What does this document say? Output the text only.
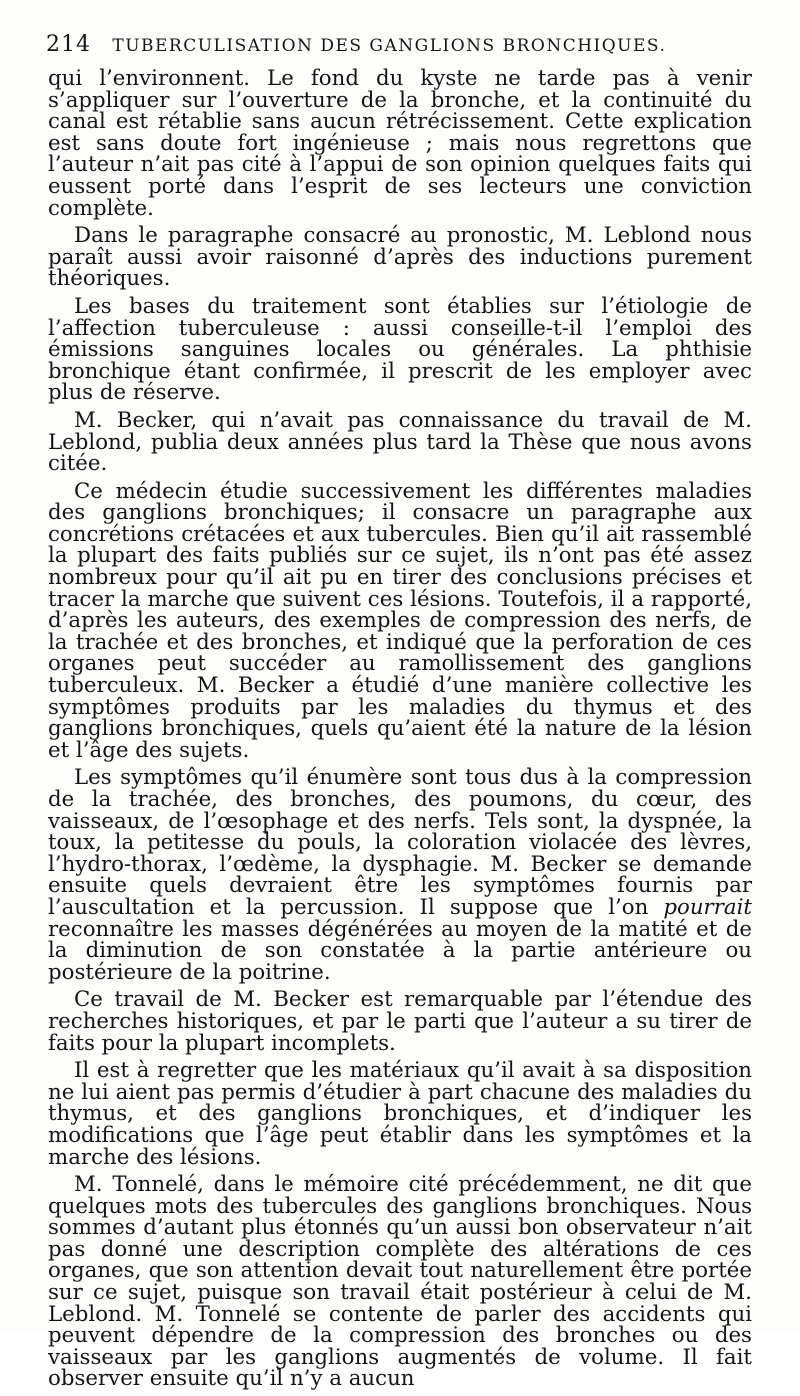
214 TUBERCULISATION DES GANGLIONS BRONCHIQUES.

qui l’environnent. Le fond du kyste ne tarde pas à venir s’appliquer sur l’ouverture de la bronche, et la continuité du canal est rétablie sans aucun rétrécissement. Cette explication est sans doute fort ingénieuse ; mais nous regrettons que l’auteur n’ait pas cité à l’appui de son opinion quelques faits qui eussent porté dans l’esprit de ses lecteurs une conviction complète.

Dans le paragraphe consacré au pronostic, M. Leblond nous paraît aussi avoir raisonné d’après des inductions purement théoriques.

Les bases du traitement sont établies sur l’étiologie de l’affection tuberculeuse : aussi conseille-t-il l’emploi des émissions sanguines locales ou générales. La phthisie bronchique étant confirmée, il prescrit de les employer avec plus de réserve.

M. Becker, qui n’avait pas connaissance du travail de M. Leblond, publia deux années plus tard la Thèse que nous avons citée.

Ce médecin étudie successivement les différentes maladies des ganglions bronchiques; il consacre un paragraphe aux concrétions crétacées et aux tubercules. Bien qu’il ait rassemblé la plupart des faits publiés sur ce sujet, ils n’ont pas été assez nombreux pour qu’il ait pu en tirer des conclusions précises et tracer la marche que suivent ces lésions. Toutefois, il a rapporté, d’après les auteurs, des exemples de compression des nerfs, de la trachée et des bronches, et indiqué que la perforation de ces organes peut succéder au ramollissement des ganglions tuberculeux. M. Becker a étudié d’une manière collective les symptômes produits par les maladies du thymus et des ganglions bronchiques, quels qu’aient été la nature de la lésion et l’âge des sujets.

Les symptômes qu’il énumère sont tous dus à la compression de la trachée, des bronches, des poumons, du cœur, des vaisseaux, de l’œsophage et des nerfs. Tels sont, la dyspnée, la toux, la petitesse du pouls, la coloration violacée des lèvres, l’hydro-thorax, l’œdème, la dysphagie. M. Becker se demande ensuite quels devraient être les symptômes fournis par l’auscultation et la percussion. Il suppose que l’on pourrait reconnaître les masses dégénérées au moyen de la matité et de la diminution de son constatée à la partie antérieure ou postérieure de la poitrine.

Ce travail de M. Becker est remarquable par l’étendue des recherches historiques, et par le parti que l’auteur a su tirer de faits pour la plupart incomplets.

Il est à regretter que les matériaux qu’il avait à sa disposition ne lui aient pas permis d’étudier à part chacune des maladies du thymus, et des ganglions bronchiques, et d’indiquer les modifications que l’âge peut établir dans les symptômes et la marche des lésions.

M. Tonnelé, dans le mémoire cité précédemment, ne dit que quelques mots des tubercules des ganglions bronchiques. Nous sommes d’autant plus étonnés qu’un aussi bon observateur n’ait pas donné une description complète des altérations de ces organes, que son attention devait tout naturellement être portée sur ce sujet, puisque son travail était postérieur à celui de M. Leblond. M. Tonnelé se contente de parler des accidents qui peuvent dépendre de la compression des bronches ou des vaisseaux par les ganglions augmentés de volume. Il fait observer ensuite qu’il n’y a aucun
